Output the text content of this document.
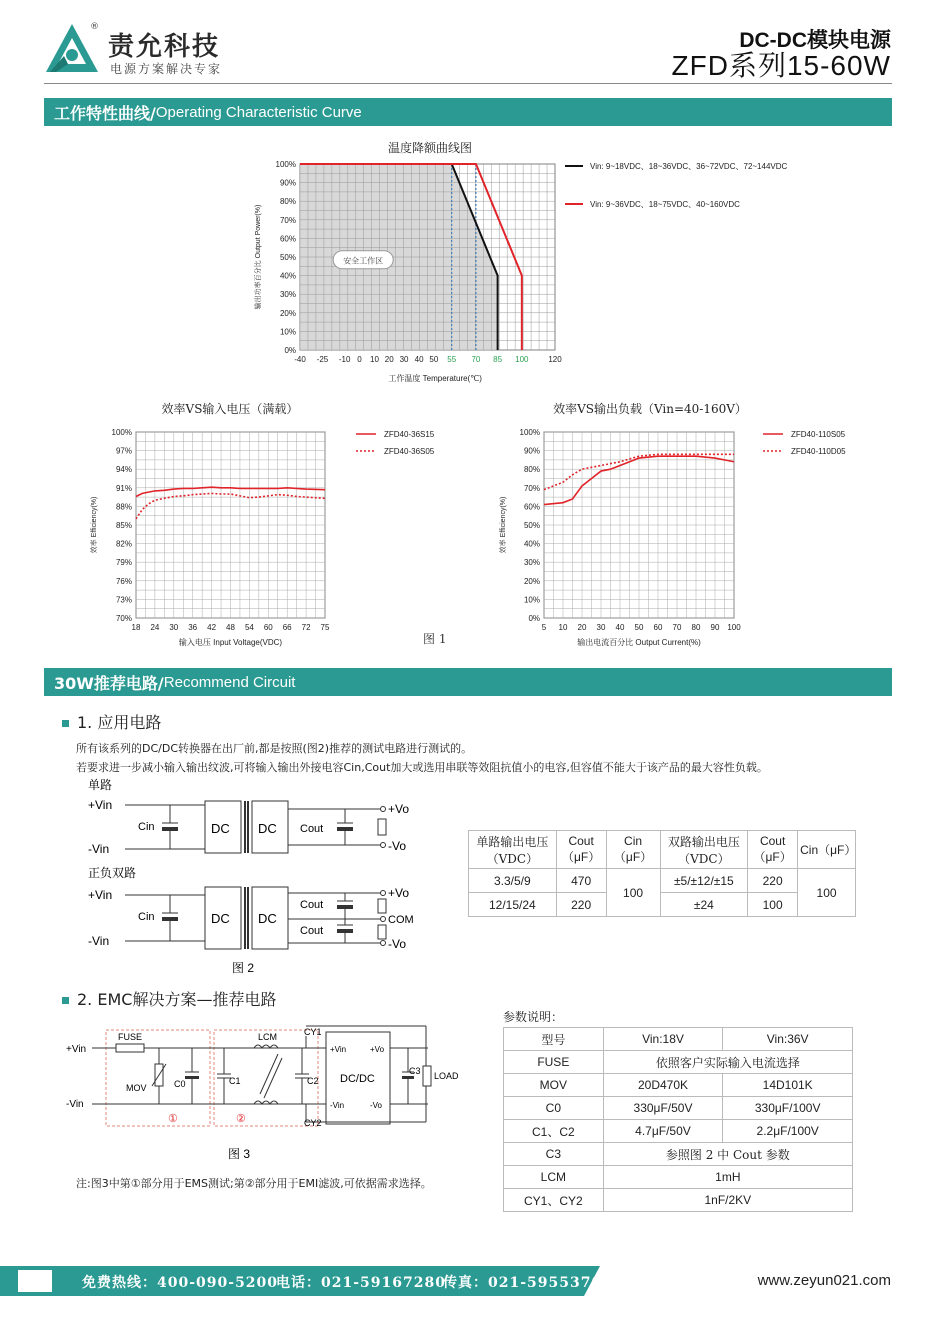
责允科技
®
电源方案解决专家
DC-DC模块电源
ZFD系列15-60W
工作特性曲线/ Operating Characteristic Curve
温度降额曲线图
100%
90%
80%
70%
60%
50%
40%
30%
20%
10%
0%
-40 -25 -10 0 10 20 30 40 50 55 70 85 100 120
输出功率百分比 Output Power(%)
工作温度 Temperature(℃)
安全工作区
Vin: 9~18VDC、18~36VDC、36~72VDC、72~144VDC
Vin: 9~36VDC、18~75VDC、40~160VDC
效率VS输入电压（满载）
100%
97%
94%
91%
88%
85%
82%
79%
76%
73%
70%
18 24 30 36 42 48 54 60 66 72 75
效率 Efficiency(%)
输入电压 Input Voltage(VDC)
ZFD40-36S15
ZFD40-36S05
效率VS输出负载（Vin=40-160V）
100%
90%
80%
70%
60%
50%
40%
30%
20%
10%
0%
5 10 20 30 40 50 60 70 80 90 100
效率 Efficiency(%)
输出电流百分比 Output Current(%)
ZFD40-110S05
ZFD40-110D05
图 1
30W推荐电路/ Recommend Circuit
1. 应用电路
所有该系列的DC/DC转换器在出厂前,都是按照(图2)推荐的测试电路进行测试的。
若要求进一步减小输入输出纹波,可将输入输出外接电容Cin,Cout加大或选用串联等效阻抗值小的电容,但容值不能大于该产品的最大容性负载。
单路
+Vin
-Vin
Cin	DC DC Cout
+Vo
-Vo
正负双路
+Vin
-Vin
Cin	DC DC
Cout
Cout
+Vo
COM
-Vo
图 2
单路输出电压（VDC）	Cout（μF）	Cin（μF）	双路输出电压（VDC）	Cout（μF）	Cin（μF）
3.3/5/9	470	100	±5/±12/±15	220	100
12/15/24	220		±24	100	
2. EMC解决方案—推荐电路
+Vin
-Vin
FUSE
MOV	C0	C1
LCM
C2
①	②
CY1
CY2
+Vin
-Vin
+Vo
-Vo
DC/DC
C3 LOAD
图 3
注:图3中第①部分用于EMS测试;第②部分用于EMI滤波,可依据需求选择。
参数说明：
型号	Vin:18V	Vin:36V
FUSE	依照客户实际输入电流选择	
MOV	20D470K	14D101K
C0	330μF/50V	330μF/100V
C1、C2	4.7μF/50V	2.2μF/100V
C3	参照图 2 中 Cout 参数	
LCM	1mH	
CY1、CY2	1nF/2KV	
免费热线：400-090-5200
电话：021-59167280
传真：021-59553702	www.zeyun021.com
